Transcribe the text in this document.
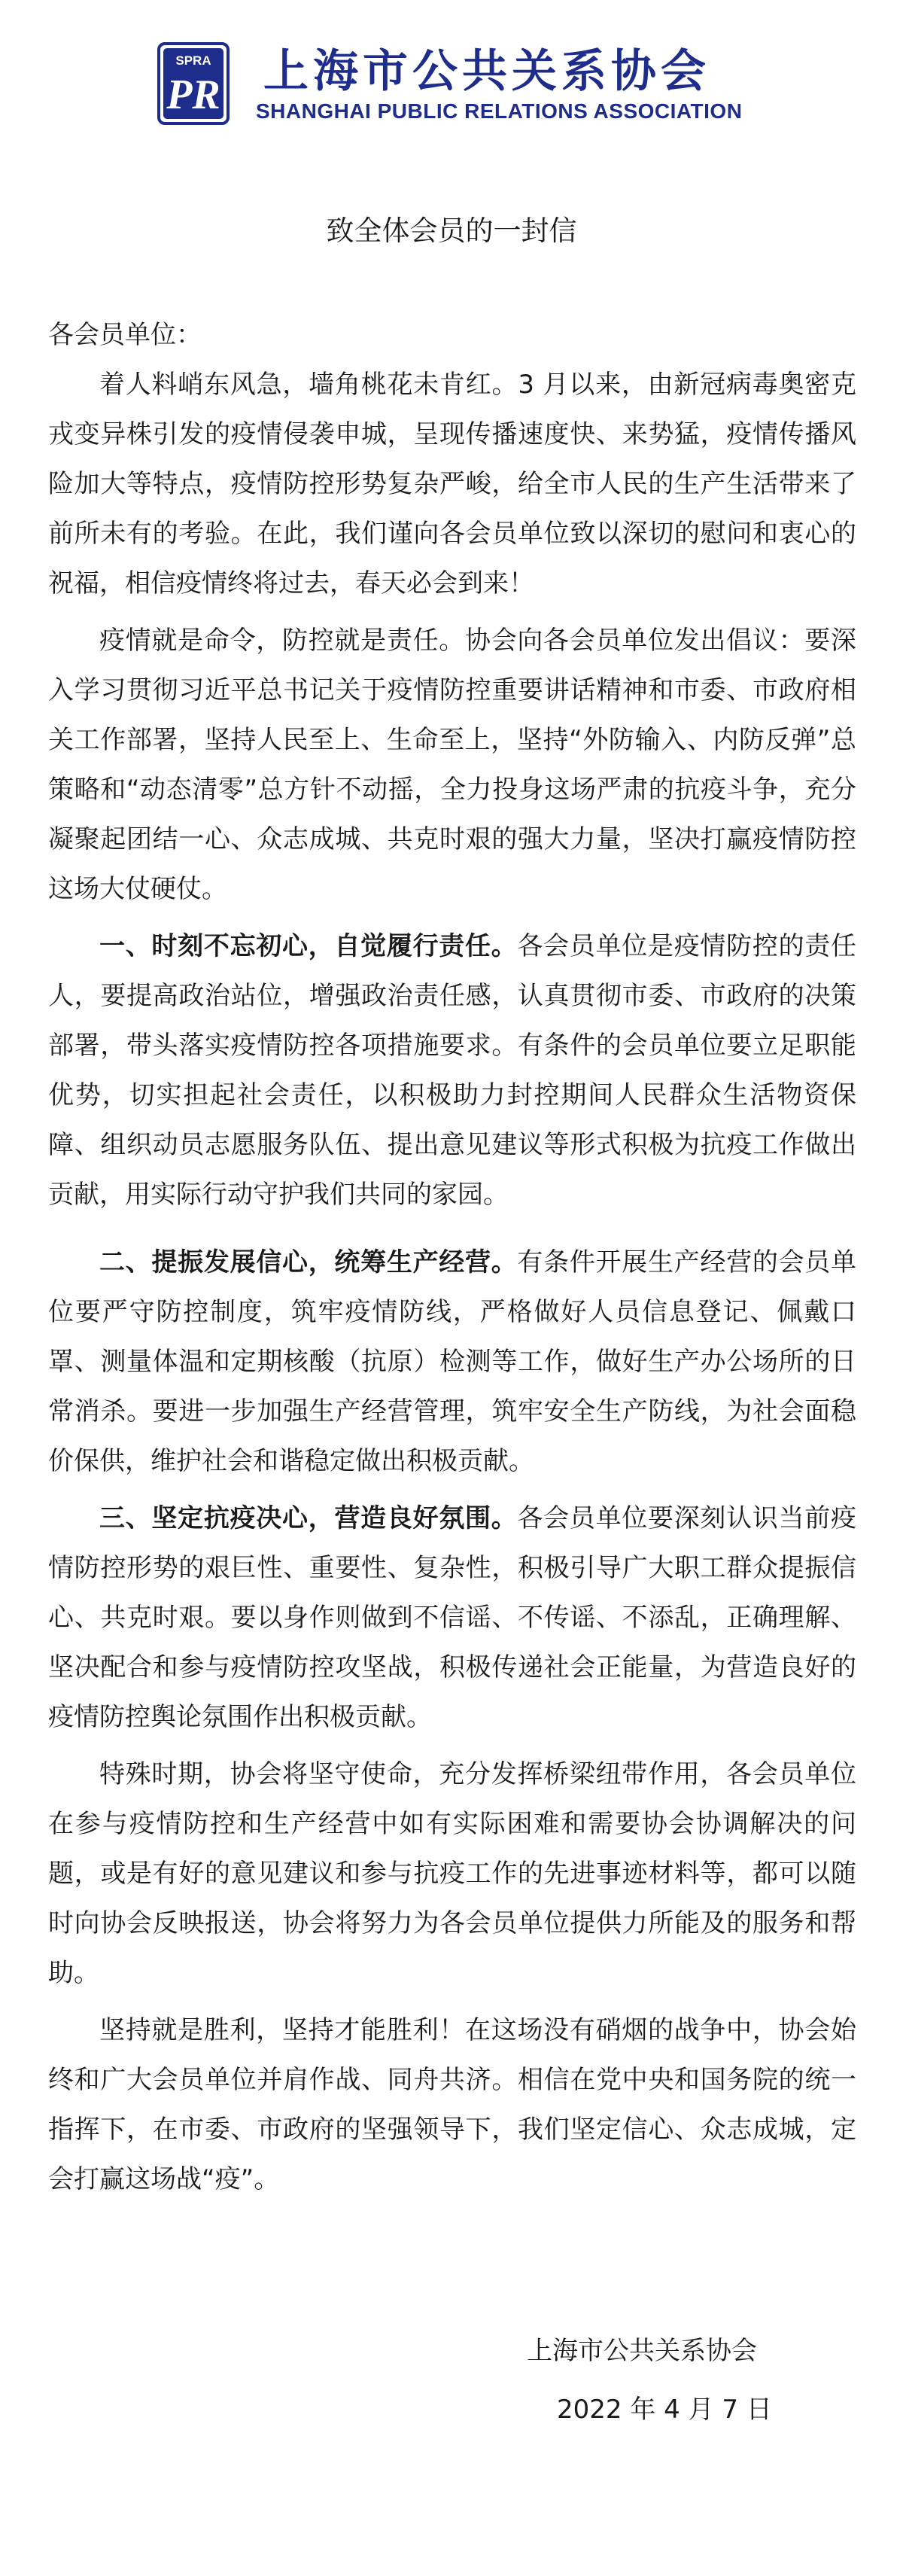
SPRA
PR 上海市公共关系协会
SHANGHAI PUBLIC RELATIONS ASSOCIATION
致全体会员的一封信

各会员单位：

着人料峭东风急，墙角桃花未肯红。3 月以来，由新冠病毒奥密克戎变异株引发的疫情侵袭申城，呈现传播速度快、来势猛，疫情传播风险加大等特点，疫情防控形势复杂严峻，给全市人民的生产生活带来了前所未有的考验。在此，我们谨向各会员单位致以深切的慰问和衷心的祝福，相信疫情终将过去，春天必会到来！

疫情就是命令，防控就是责任。协会向各会员单位发出倡议：要深入学习贯彻习近平总书记关于疫情防控重要讲话精神和市委、市政府相关工作部署，坚持人民至上、生命至上，坚持“外防输入、内防反弹”总策略和“动态清零”总方针不动摇，全力投身这场严肃的抗疫斗争，充分凝聚起团结一心、众志成城、共克时艰的强大力量，坚决打赢疫情防控这场大仗硬仗。

一、时刻不忘初心，自觉履行责任。各会员单位是疫情防控的责任人，要提高政治站位，增强政治责任感，认真贯彻市委、市政府的决策部署，带头落实疫情防控各项措施要求。有条件的会员单位要立足职能优势，切实担起社会责任，以积极助力封控期间人民群众生活物资保障、组织动员志愿服务队伍、提出意见建议等形式积极为抗疫工作做出贡献，用实际行动守护我们共同的家园。

二、提振发展信心，统筹生产经营。有条件开展生产经营的会员单位要严守防控制度，筑牢疫情防线，严格做好人员信息登记、佩戴口罩、测量体温和定期核酸（抗原）检测等工作，做好生产办公场所的日常消杀。要进一步加强生产经营管理，筑牢安全生产防线，为社会面稳价保供，维护社会和谐稳定做出积极贡献。

三、坚定抗疫决心，营造良好氛围。各会员单位要深刻认识当前疫情防控形势的艰巨性、重要性、复杂性，积极引导广大职工群众提振信心、共克时艰。要以身作则做到不信谣、不传谣、不添乱，正确理解、坚决配合和参与疫情防控攻坚战，积极传递社会正能量，为营造良好的疫情防控舆论氛围作出积极贡献。

特殊时期，协会将坚守使命，充分发挥桥梁纽带作用，各会员单位在参与疫情防控和生产经营中如有实际困难和需要协会协调解决的问题，或是有好的意见建议和参与抗疫工作的先进事迹材料等，都可以随时向协会反映报送，协会将努力为各会员单位提供力所能及的服务和帮助。

坚持就是胜利，坚持才能胜利！在这场没有硝烟的战争中，协会始终和广大会员单位并肩作战、同舟共济。相信在党中央和国务院的统一指挥下，在市委、市政府的坚强领导下，我们坚定信心、众志成城，定会打赢这场战“疫”。

上海市公共关系协会
2022 年 4 月 7 日
